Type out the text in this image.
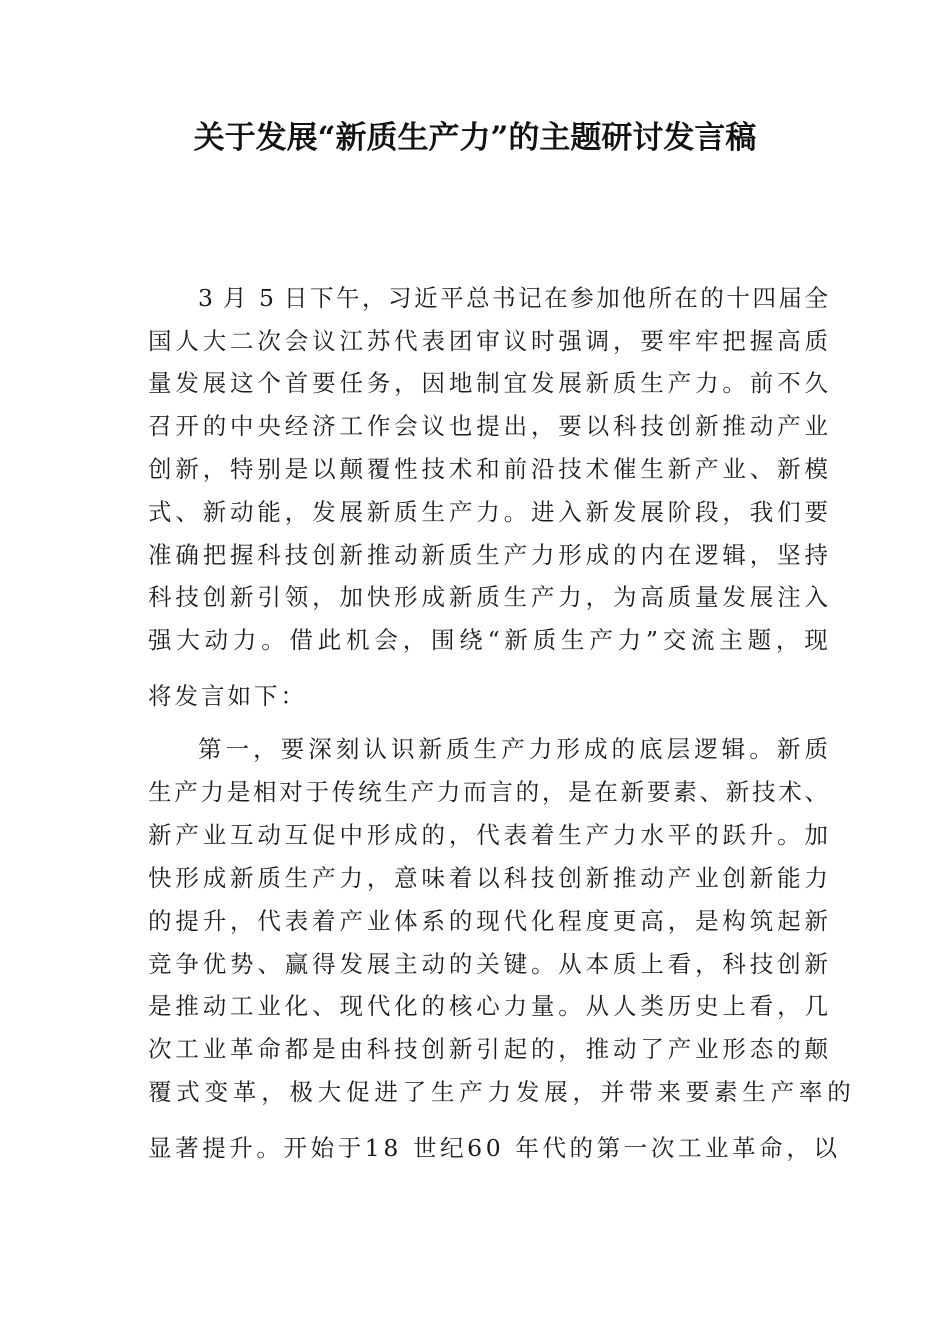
关于发展“新质生产力”的主题研讨发言稿

3 月 5 日下午，习近平总书记在参加他所在的十四届全

国人大二次会议江苏代表团审议时强调，要牢牢把握高质

量发展这个首要任务，因地制宜发展新质生产力。前不久

召开的中央经济工作会议也提出，要以科技创新推动产业

创新，特别是以颠覆性技术和前沿技术催生新产业、新模

式、新动能，发展新质生产力。进入新发展阶段，我们要

准确把握科技创新推动新质生产力形成的内在逻辑，坚持

科技创新引领，加快形成新质生产力，为高质量发展注入

强大动力。借此机会，围绕“新质生产力”交流主题，现

将发言如下：

第一，要深刻认识新质生产力形成的底层逻辑。新质

生产力是相对于传统生产力而言的，是在新要素、新技术、

新产业互动互促中形成的，代表着生产力水平的跃升。加

快形成新质生产力，意味着以科技创新推动产业创新能力

的提升，代表着产业体系的现代化程度更高，是构筑起新

竞争优势、赢得发展主动的关键。从本质上看，科技创新

是推动工业化、现代化的核心力量。从人类历史上看，几

次工业革命都是由科技创新引起的，推动了产业形态的颠

覆式变革，极大促进了生产力发展，并带来要素生产率的

显著提升。开始于18 世纪60 年代的第一次工业革命，以
